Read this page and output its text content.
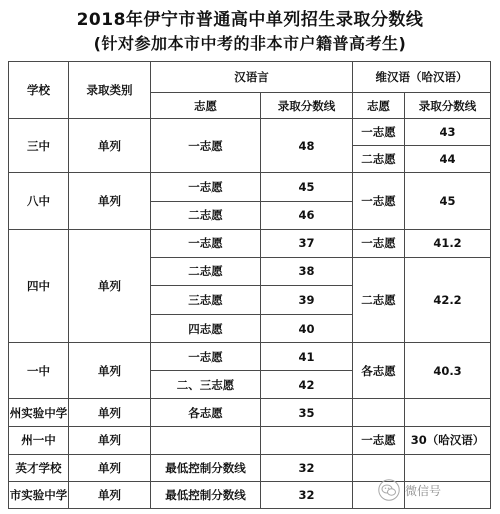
2018年伊宁市普通高中单列招生录取分数线
(针对参加本市中考的非本市户籍普高考生)
学校	录取类别	汉语言		维汉语（哈汉语）	
		志愿	录取分数线	志愿	录取分数线
三中	单列	一志愿	48	一志愿	43
				二志愿	44
八中	单列	一志愿	45	一志愿	45
		二志愿	46		
四中	单列	一志愿	37	一志愿	41.2
		二志愿	38	二志愿	42.2
		三志愿	39		
		四志愿	40		
一中	单列	一志愿	41	各志愿	40.3
		二、三志愿	42		
州实验中学	单列	各志愿	35		
州一中	单列			一志愿	30（哈汉语）
英才学校	单列	最低控制分数线	32		
市实验中学	单列	最低控制分数线	32			微信号
